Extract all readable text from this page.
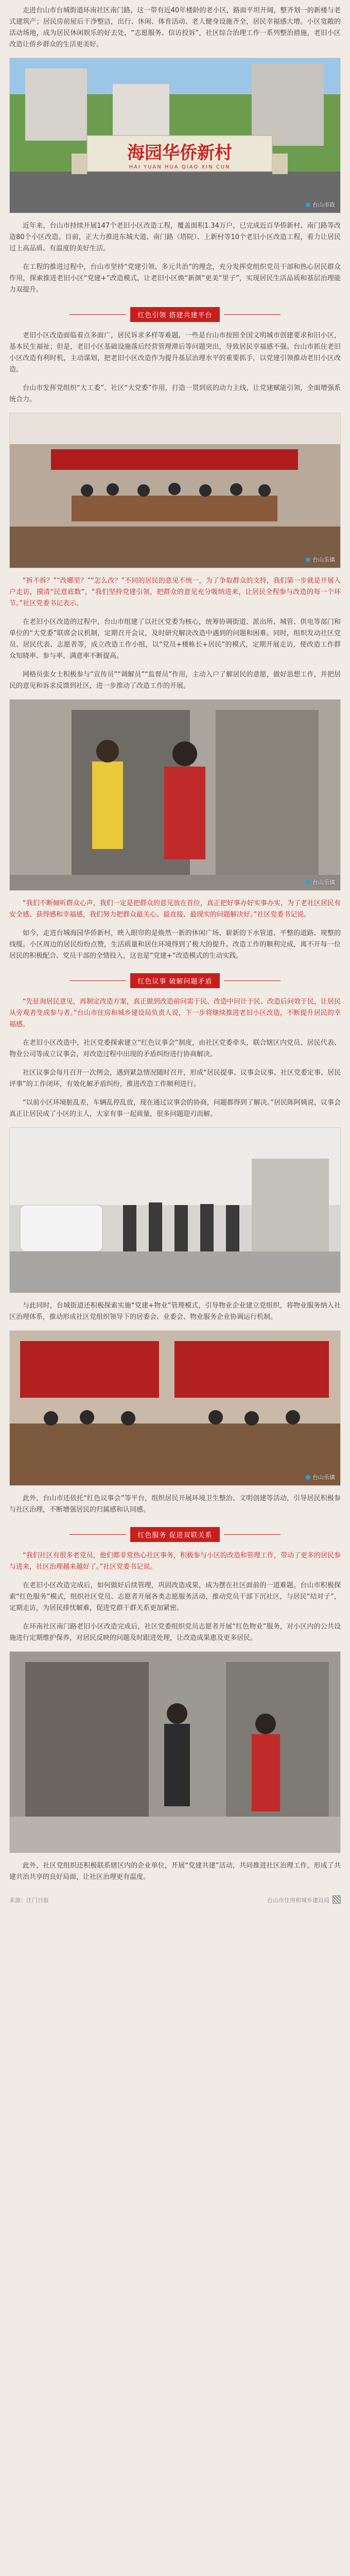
走进台山市台城街道环南社区南门路，这一带有近40年楼龄的老小区，路面平坦开阔，整齐划一的新楼与老式建筑产；居民房前屋后干净整洁，出行、休闲、体育活动、老人健身设施齐全，居民幸福感大增。小区宽敞的活动场地，成为居民休闲娱乐的好去处，“志愿服务、信访投诉”，社区综合治理工作一系列整治措施，老旧小区改造让侨乡群众的生活更美好。

海园华侨新村
HAI YUAN HUA QIAO XIN CUN
台山市政

近年来，台山市持续开展147个老旧小区改造工程，覆盖面积1.34万户，已完成近百华侨新村、南门路等改造80个小区改造。目前，正大力推进东城大道、南门路（塔院）、上新村等10个老旧小区改造工程，着力让居民过上高品质、有温度的美好生活。

在工程的推进过程中，台山市坚持“党建引领、多元共治”的理念，充分发挥党组织党员干部和热心居民群众作用，探索推进老旧小区“党建+”改造模式，让老旧小区焕“新颜”更美“里子”，实现居民生活品质和基层治理能力双提升。

红色引领 搭建共建平台

老旧小区改造面临着点多面广，居民诉求多样等难题，一些是台山市按照全国文明城市创建要求和旧小区，基本民生福祉；但是，老旧小区基础设施落后经营管理滞后等问题突出，导致居民幸福感不强。台山市抓住老旧小区改造有利时机，主动谋划，把老旧小区改造作为提升基层治理水平的重要抓手，以党建引领推动老旧小区改造。

台山市发挥党组织“大工委”、社区“大党委”作用，打造一贯到底的动力主线，让党建赋能引领，全面增强系统合力。

台山乐镇

“拆不拆？”“改哪里？”“怎么改？”不同的居民的意见不统一，为了争取群众的支持，我们第一步就是开展入户走访，摸清“民意底数”，“我们坚持党建引领，把群众的意见充分吸纳进来，让居民全程参与改造的每一个环节。”社区党委书记表示。

在老旧小区改造的过程中，台山市组建了以社区党委为核心，统筹协调街道、派出所、城管、供电等部门和单位的“大党委”联席会议机制，定期召开会议，及时研究解决改造中遇到的问题和困难。同时，组织发动社区党员、居民代表、志愿者等，成立改造工作小组，以“党员+楼栋长+居民”的模式，定期开展走访，使改造工作群众知晓率、参与率、满意率不断提高。

网格员张女士积极参与“宣传员”“调解员”“监督员”作用，主动入户了解居民的意愿，做好思想工作，并把居民的意见和诉求反馈到社区，进一步推动了改造工作的开展。

台山乐镇

“我们不断倾听群众心声，我们一定是把群众的意见放在首位，真正把好事办好实事办实，为了老社区居民有安全感、获得感和幸福感，我们努力把群众最关心、最直接、最现实的问题解决好。”社区党委书记说。

如今，走进台城海园华侨新村，映入眼帘的是焕然一新的休闲广场、崭新的下水管道、平整的道路、规整的线缆。小区周边的居民纷纷点赞，生活质量和居住环境得到了极大的提升。改造工作的顺利完成，离不开每一位居民的积极配合、党员干部的全情投入，这也是“党建+”改造模式的生动实践。

红色议事 破解问题矛盾

“先征询居民意见，再制定改造方案，真正做到改造前问需于民、改造中问计于民、改造后问效于民，让居民从旁观者变成参与者。”台山市住房和城乡建设局负责人说，下一步将继续推进老旧小区改造，不断提升居民的幸福感。

在老旧小区改造中，社区党委探索建立“红色议事会”制度，由社区党委牵头，联合辖区内党员、居民代表、物业公司等成立议事会，对改造过程中出现的矛盾纠纷进行协商解决。

社区议事会每月召开一次例会，遇到紧急情况随时召开，形成“居民提事、议事会议事、社区党委定事、居民评事”的工作闭环，有效化解矛盾纠纷，推进改造工作顺利进行。

“以前小区环境脏乱差，车辆乱停乱放，现在通过议事会的协商，问题都得到了解决。”居民陈阿姨说，议事会真正让居民成了小区的主人，大家有事一起商量，很多问题迎刃而解。

与此同时，台城街道还积极探索实施“党建+物业”管理模式，引导物业企业建立党组织，将物业服务纳入社区治理体系，推动形成社区党组织领导下的居委会、业委会、物业服务企业协调运行机制。

台山乐镇

此外，台山市还依托“红色议事会”等平台，组织居民开展环境卫生整治、文明创建等活动，引导居民积极参与社区治理，不断增强居民的归属感和认同感。

红色服务 促进双联关系

“我们社区有很多老党员，他们都非常热心社区事务，积极参与小区的改造和管理工作，带动了更多的居民参与进来，社区治理越来越好了。”社区党委书记说。

在老旧小区改造完成后，如何做好后续管理，巩固改造成果，成为摆在社区面前的一道难题。台山市积极探索“红色服务”模式，组织社区党员、志愿者开展各类志愿服务活动，推动党员干部下沉社区，与居民“结对子”，定期走访，为居民排忧解难，促进党群干群关系更加紧密。

在环南社区南门路老旧小区改造完成后，社区党委组织党员志愿者开展“红色物业”服务，对小区内的公共设施进行定期维护保养，对居民反映的问题及时跟进处理，让改造成果惠及更多居民。

此外，社区党组织还积极联系辖区内的企业单位，开展“党建共建”活动，共同推进社区治理工作，形成了共建共治共享的良好局面，让社区治理更有温度。

来源：江门日报	台山市住房和城乡建设局
